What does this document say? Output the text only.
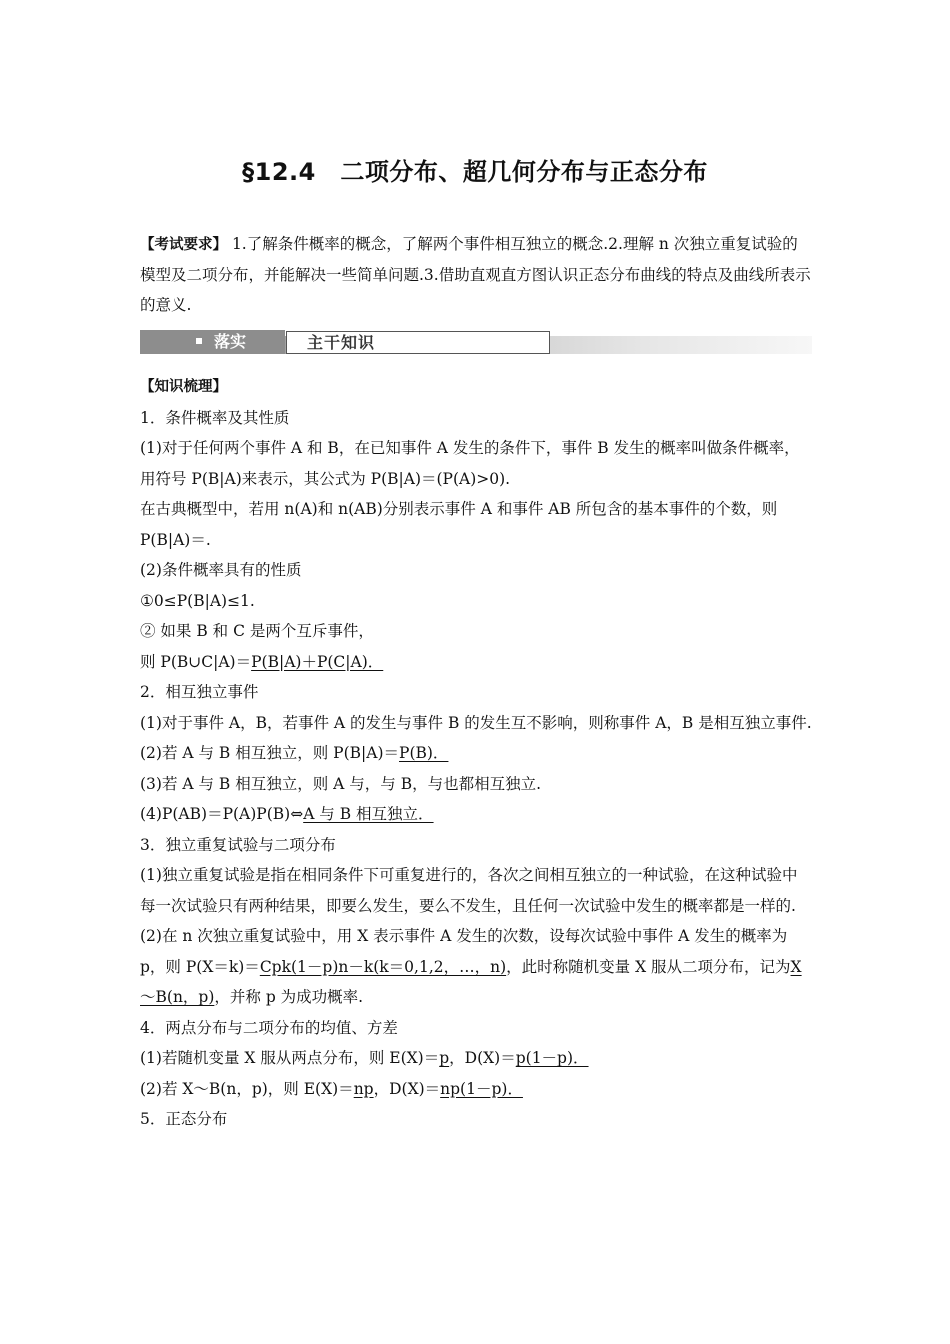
§12.4　二项分布、超几何分布与正态分布
【考试要求】 1.了解条件概率的概念，了解两个事件相互独立的概念.2.理解 n 次独立重复试验的模型及二项分布，并能解决一些简单问题.3.借助直观直方图认识正态分布曲线的特点及曲线所表示的意义.
落实	主干知识
【知识梳理】
1．条件概率及其性质
(1)对于任何两个事件 A 和 B，在已知事件 A 发生的条件下，事件 B 发生的概率叫做条件概率，用符号 P(B|A)来表示，其公式为 P(B|A)＝(P(A)>0).
在古典概型中，若用 n(A)和 n(AB)分别表示事件 A 和事件 AB 所包含的基本事件的个数，则 P(B|A)＝.
(2)条件概率具有的性质
①0≤P(B|A)≤1.
② 如果 B 和 C 是两个互斥事件，
则 P(B∪C|A)＝P(B|A)＋P(C|A)．
2．相互独立事件
(1)对于事件 A，B，若事件 A 的发生与事件 B 的发生互不影响，则称事件 A，B 是相互独立事件.
(2)若 A 与 B 相互独立，则 P(B|A)＝P(B)．
(3)若 A 与 B 相互独立，则 A 与，与 B，与也都相互独立.
(4)P(AB)＝P(A)P(B)⇔A 与 B 相互独立．
3．独立重复试验与二项分布
(1)独立重复试验是指在相同条件下可重复进行的，各次之间相互独立的一种试验，在这种试验中每一次试验只有两种结果，即要么发生，要么不发生，且任何一次试验中发生的概率都是一样的.
(2)在 n 次独立重复试验中，用 X 表示事件 A 发生的次数，设每次试验中事件 A 发生的概率为 p，则 P(X＝k)＝Cpk(1－p)n－k(k＝0,1,2，…，n)，此时称随机变量 X 服从二项分布，记为X～B(n，p)，并称 p 为成功概率.
4．两点分布与二项分布的均值、方差
(1)若随机变量 X 服从两点分布，则 E(X)＝p，D(X)＝p(1－p)．
(2)若 X～B(n，p)，则 E(X)＝np，D(X)＝np(1－p)．
5．正态分布
